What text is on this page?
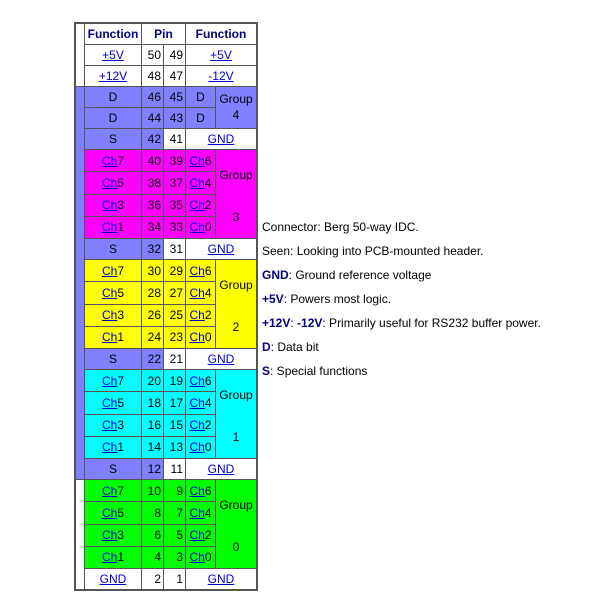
	Function	Pin		Function	
	+5V	50	49	+5V	
	+12V	48	47	-12V	
	D	46	45	D	Group
4
	D	44	43	D	
	S	42	41	GND	
	Ch7	40	39	Ch6	Group
3
	Ch5	38	37	Ch4	
	Ch3	36	35	Ch2	
	Ch1	34	33	Ch0	
	S	32	31	GND	
	Ch7	30	29	Ch6	Group
2
	Ch5	28	27	Ch4	
	Ch3	26	25	Ch2	
	Ch1	24	23	Ch0	
	S	22	21	GND	
	Ch7	20	19	Ch6	Group
1
	Ch5	18	17	Ch4	
	Ch3	16	15	Ch2	
	Ch1	14	13	Ch0	
	S	12	11	GND	
	Ch7	10	9	Ch6	Group
0
	Ch5	8	7	Ch4	
	Ch3	6	5	Ch2	
	Ch1	4	3	Ch0	
	GND	2	1	GND	

Connector: Berg 50-way IDC.

Seen: Looking into PCB-mounted header.

GND: Ground reference voltage

+5V: Powers most logic.

+12V: -12V: Primarily useful for RS232 buffer power.

D: Data bit

S: Special functions
